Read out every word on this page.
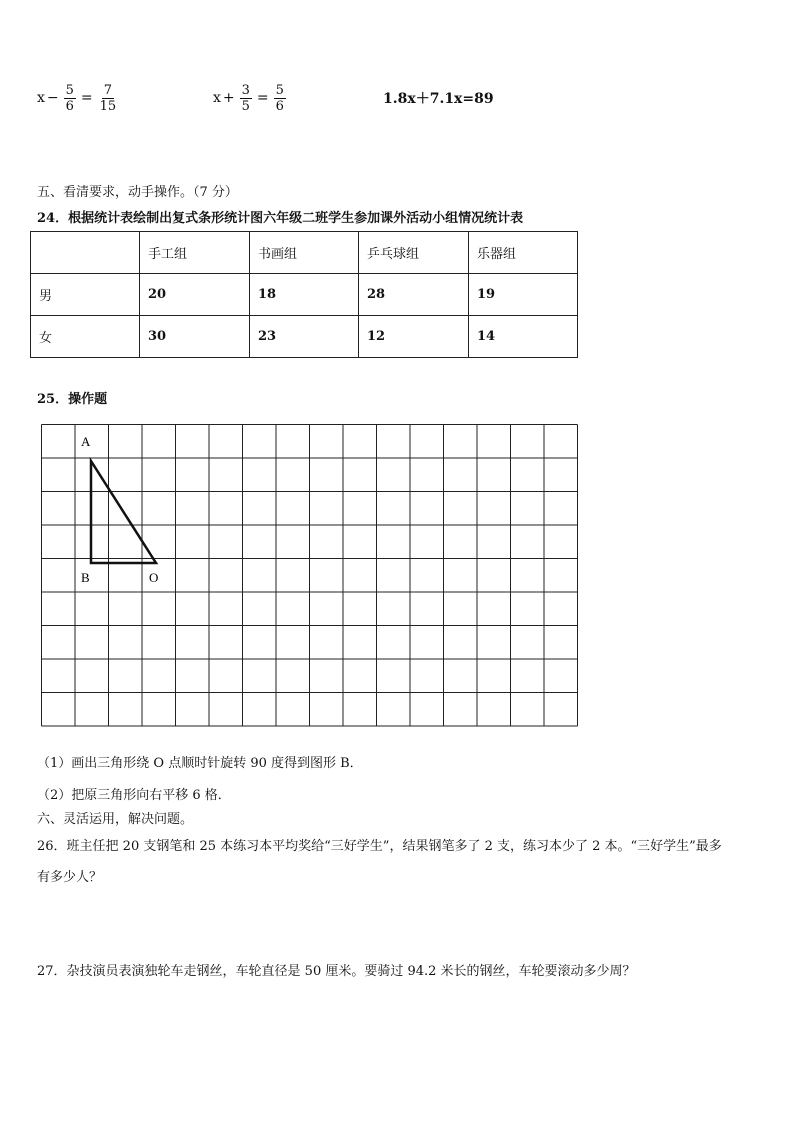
$x - \frac{5}{6} = \frac{7}{15}$	$x + \frac{3}{5} = \frac{5}{6}$	1.8x＋7.1x=89
五、看清要求，动手操作。（7 分）
24．根据统计表绘制出复式条形统计图六年级二班学生参加课外活动小组情况统计表
	手工组	书画组	乒乓球组	乐器组
男	20	18	28	19
女	30	23	12	14
25．操作题
A
B	O
（1）画出三角形绕 O 点顺时针旋转 90 度得到图形 B．
（2）把原三角形向右平移 6 格．
六、灵活运用，解决问题。
26．班主任把 20 支钢笔和 25 本练习本平均奖给“三好学生”，结果钢笔多了 2 支，练习本少了 2 本。“三好学生”最多
有多少人？
27．杂技演员表演独轮车走钢丝，车轮直径是 50 厘米。要骑过 94.2 米长的钢丝，车轮要滚动多少周？
